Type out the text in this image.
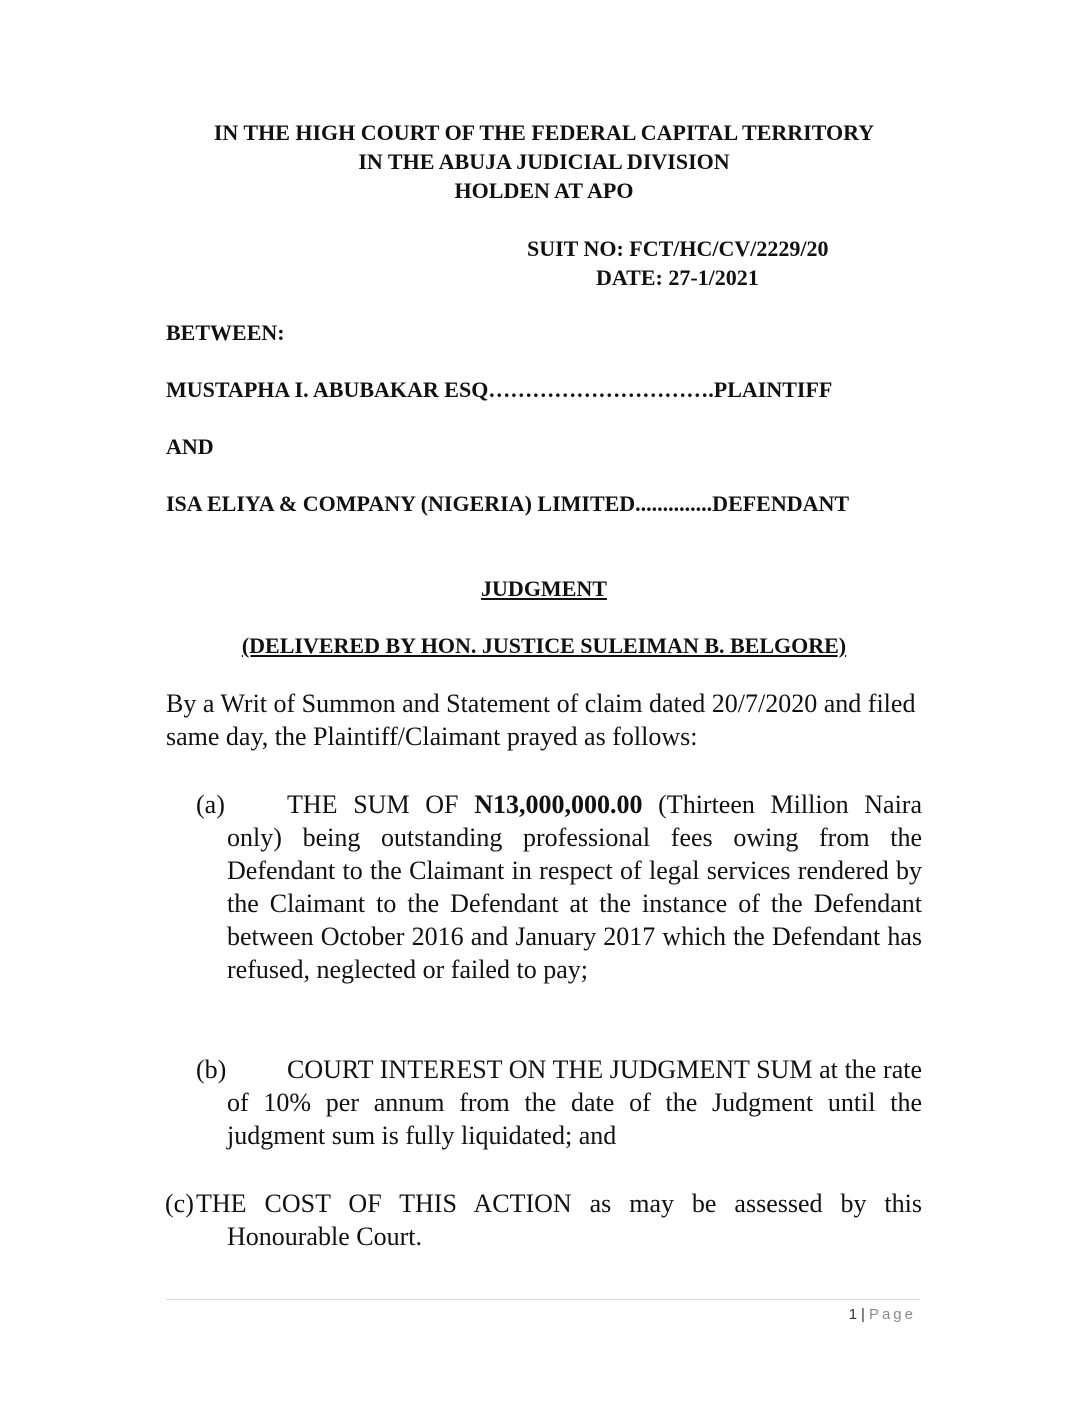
IN THE HIGH COURT OF THE FEDERAL CAPITAL TERRITORY
IN THE ABUJA JUDICIAL DIVISION
HOLDEN AT APO
SUIT NO: FCT/HC/CV/2229/20
DATE: 27-1/2021
BETWEEN:
MUSTAPHA I. ABUBAKAR ESQ………………………….PLAINTIFF
AND
ISA ELIYA & COMPANY (NIGERIA) LIMITED..............DEFENDANT
JUDGMENT
(DELIVERED BY HON. JUSTICE SULEIMAN B. BELGORE)
By a Writ of Summon and Statement of claim dated 20/7/2020 and filed same day, the Plaintiff/Claimant prayed as follows:

(a) THE SUM OF N13,000,000.00 (Thirteen Million Naira only) being outstanding professional fees owing from the Defendant to the Claimant in respect of legal services rendered by the Claimant to the Defendant at the instance of the Defendant between October 2016 and January 2017 which the Defendant has refused, neglected or failed to pay;

(b) COURT INTEREST ON THE JUDGMENT SUM at the rate of 10% per annum from the date of the Judgment until the judgment sum is fully liquidated; and

(c)THE COST OF THIS ACTION as may be assessed by this Honourable Court.

1 | Page
